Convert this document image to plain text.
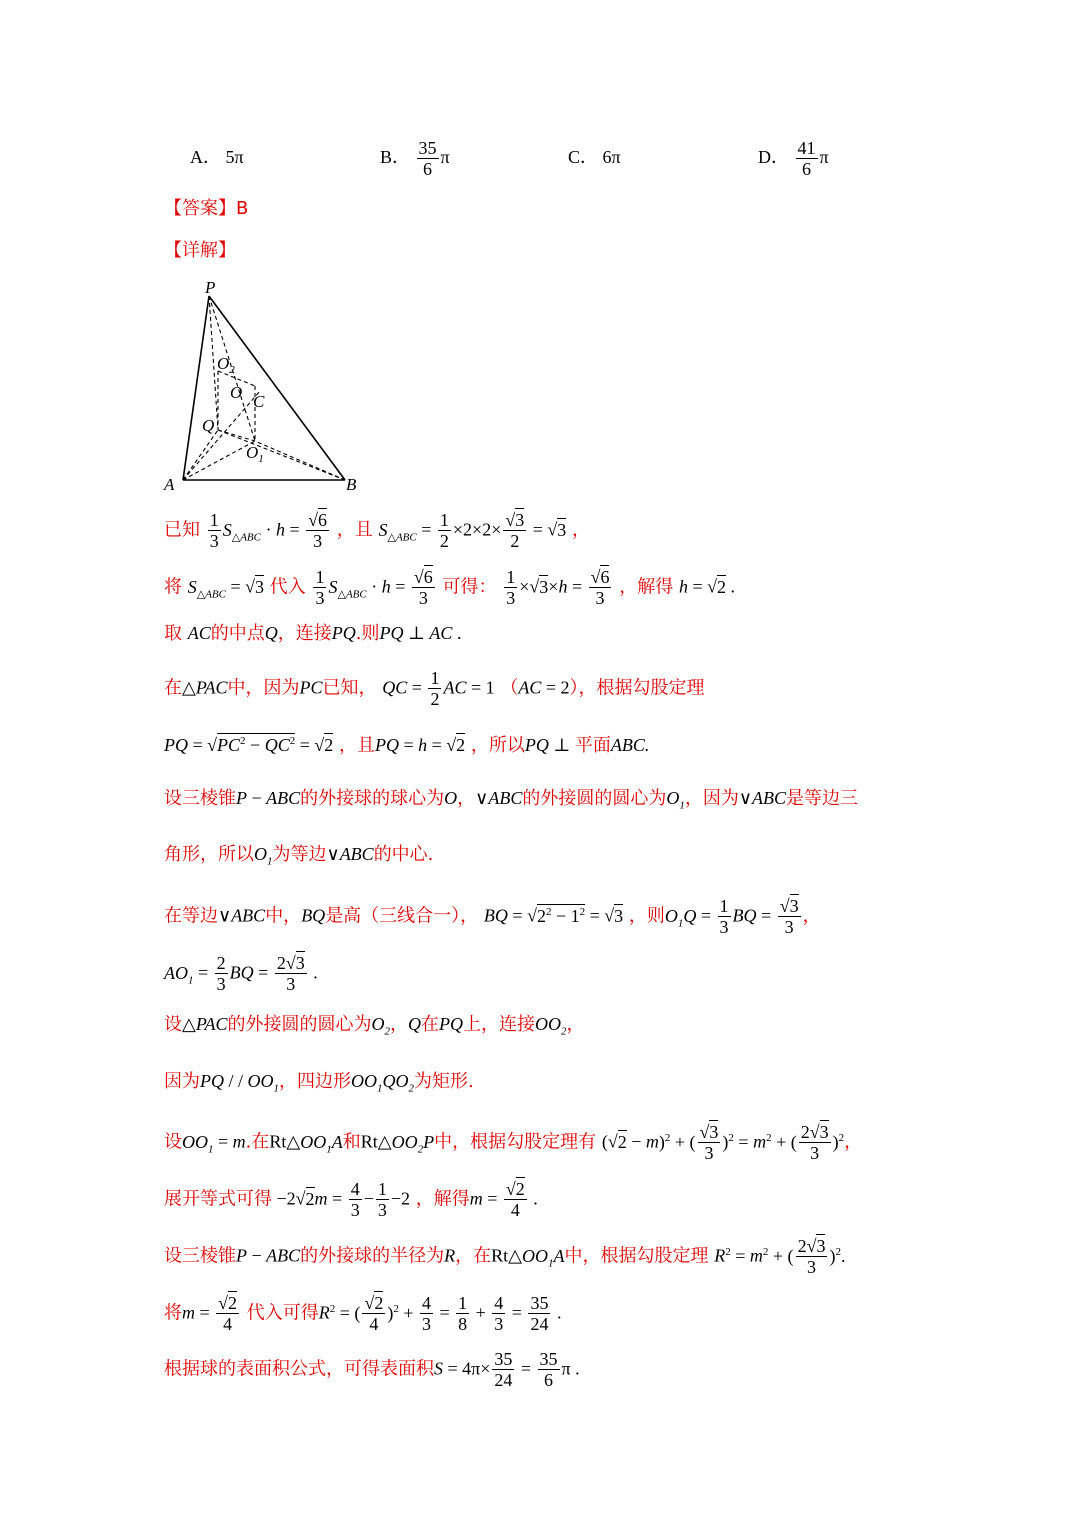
A． 5π	B． $\frac{35}{6}$ π	C． 6π	D． $\frac{41}{6}$ π
【答案】B
【详解】
P
$O_2$
O C
Q
$O_1$
A	B
已知 $\frac{1}{3} S_{\triangle ABC} \cdot h = \frac{√6}{3}$ ，且 $S_{\triangle ABC} = \frac{1}{2} \times 2\times 2\times \frac{√3}{2} = √3$ ，
将 $S_{\triangle ABC} = √3$ 代入 $\frac{1}{3} S_{\triangle ABC} \cdot h = \frac{√6}{3}$ 可得： $\frac{1}{3} \times√3\times h = \frac{√6}{3}$ ，解得 h = √2 .
取 AC的中点Q，连接PQ.则PQ ⊥ AC .
在△PAC中，因为PC已知， QC = $\frac{1}{2}$ AC = 1 （AC = 2），根据勾股定理
PQ = $√PC^2 - QC^2 = √2$ ，且PQ = h = √2 ，所以PQ ⊥ 平面ABC.
设三棱锥P − ABC的外接球的球心为O，∨ABC的外接圆的圆心为$O_1$，因为∨ABC是等边三
角形，所以$O_1$为等边∨ABC的中心.
在等边∨ABC中，BQ是高（三线合一）， BQ = $√2^2 - 1^2 = √3$ ，则$O_1Q = \frac{1}{3}$ BQ = $\frac{√3}{3}$ ，
$AO_1 = \frac{2}{3}$ BQ = $\frac{2√3}{3}$ .
设△PAC的外接圆的圆心为$O_2$，Q在PQ上，连接$OO_2$，
因为PQ / / $OO_1$，四边形$OO_1QO_2$为矩形.
设$OO_1 = m$.在$Rt\triangle OO_1A$和$Rt\triangle OO_2P$中，根据勾股定理有 $(√2 - m)^2$ + ( $\frac{√3}{3} )^2 = m^2$ + ( $\frac{2√3}{3} )^2$，
展开等式可得 $-2√2m = \frac{4}{3} - \frac{1}{3} -2$ ，解得$m = \frac{√2}{4}$ .
设三棱锥P − ABC的外接球的半径为R，在$Rt\triangle OO_1A$中，根据勾股定理 $R^2 = m^2$ + ( $\frac{2√3}{3} )^2$.
将$m = \frac{√2}{4}$ 代入可得$R^2$ = ( $\frac{√2}{4} )^2 + \frac{4}{3} = \frac{1}{8} + \frac{4}{3} = \frac{35}{24}$ .
根据球的表面积公式，可得表面积$S = 4\pi\times \frac{35}{24} = \frac{35}{6}$ π .
